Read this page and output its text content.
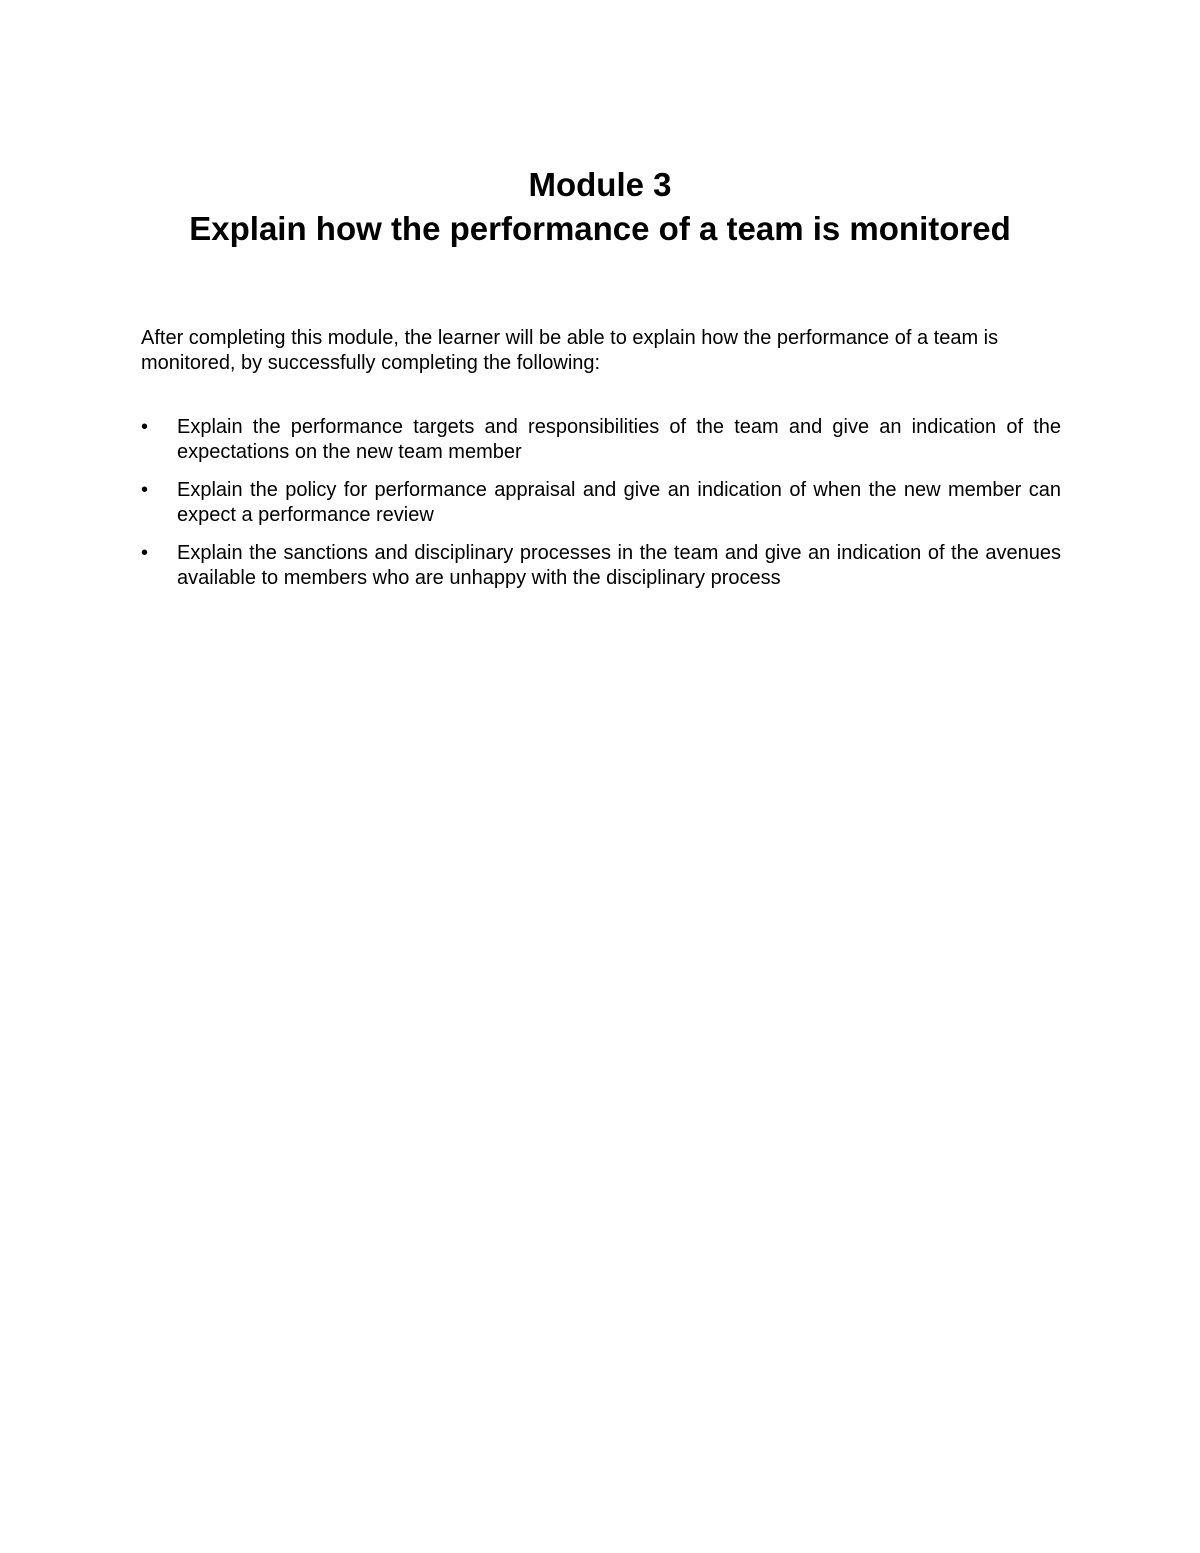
Module 3
Explain how the performance of a team is monitored

After completing this module, the learner will be able to explain how the performance of a team is monitored, by successfully completing the following:

•	Explain the performance targets and responsibilities of the team and give an indication of the expectations on the new team member
•	Explain the policy for performance appraisal and give an indication of when the new member can expect a performance review
•	Explain the sanctions and disciplinary processes in the team and give an indication of the avenues available to members who are unhappy with the disciplinary process
